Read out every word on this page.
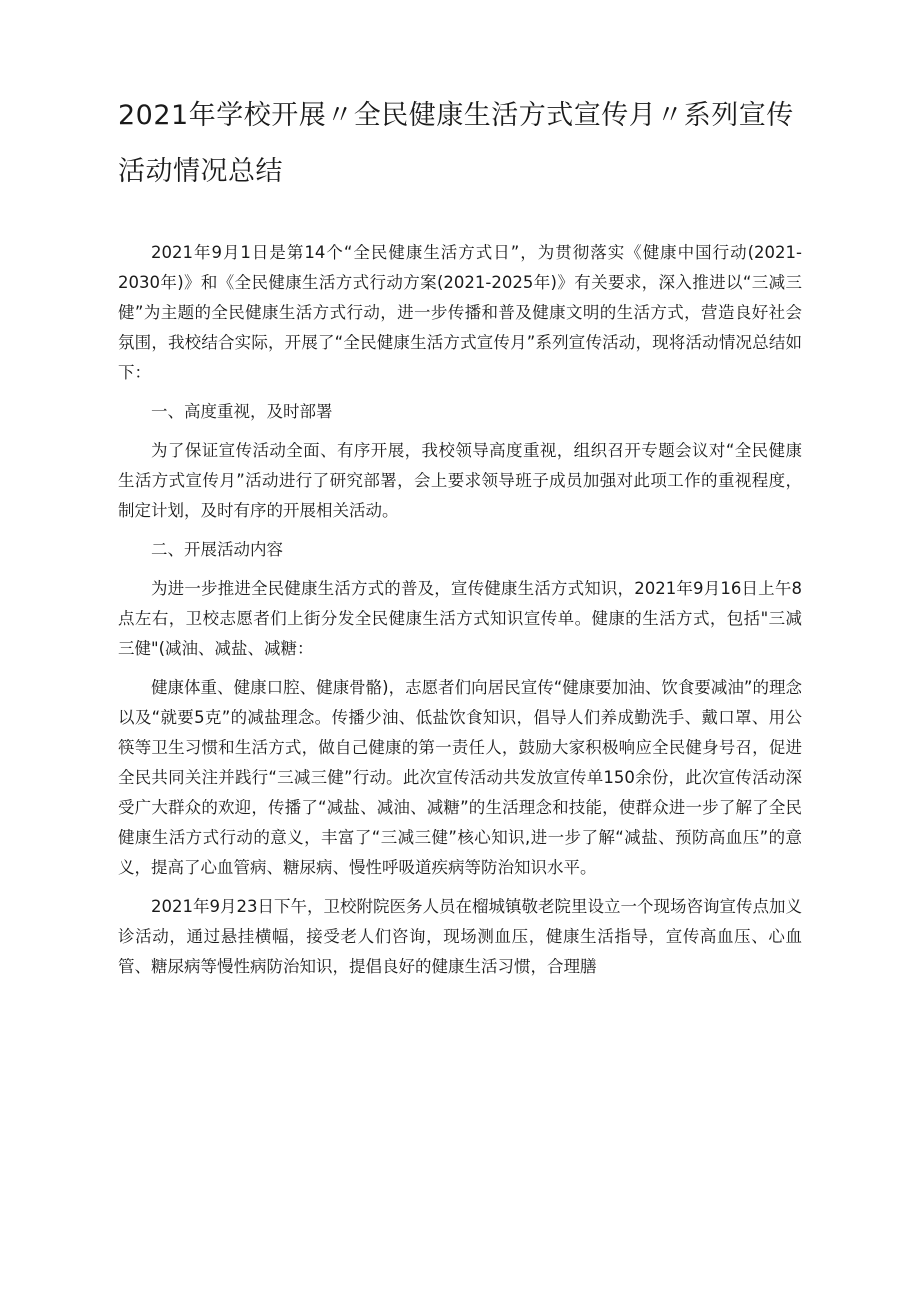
2021年学校开展〃全民健康生活方式宣传月〃系列宣传活动情况总结

2021年9月1日是第14个“全民健康生活方式日”，为贯彻落实《健康中国行动(2021-2030年)》和《全民健康生活方式行动方案(2021-2025年)》有关要求，深入推进以“三减三健”为主题的全民健康生活方式行动，进一步传播和普及健康文明的生活方式，营造良好社会氛围，我校结合实际，开展了“全民健康生活方式宣传月”系列宣传活动，现将活动情况总结如下：

一、高度重视，及时部署

为了保证宣传活动全面、有序开展，我校领导高度重视，组织召开专题会议对“全民健康生活方式宣传月”活动进行了研究部署，会上要求领导班子成员加强对此项工作的重视程度，制定计划，及时有序的开展相关活动。

二、开展活动内容

为进一步推进全民健康生活方式的普及，宣传健康生活方式知识，2021年9月16日上午8点左右，卫校志愿者们上街分发全民健康生活方式知识宣传单。健康的生活方式，包括"三减三健"(减油、减盐、减糖：

健康体重、健康口腔、健康骨骼)，志愿者们向居民宣传“健康要加油、饮食要减油”的理念以及“就要5克”的减盐理念。传播少油、低盐饮食知识，倡导人们养成勤洗手、戴口罩、用公筷等卫生习惯和生活方式，做自己健康的第一责任人，鼓励大家积极响应全民健身号召，促进全民共同关注并践行“三减三健”行动。此次宣传活动共发放宣传单150余份，此次宣传活动深受广大群众的欢迎，传播了“减盐、减油、减糖”的生活理念和技能，使群众进一步了解了全民健康生活方式行动的意义，丰富了“三减三健”核心知识,进一步了解“减盐、预防高血压”的意义，提高了心血管病、糖尿病、慢性呼吸道疾病等防治知识水平。

2021年9月23日下午，卫校附院医务人员在榴城镇敬老院里设立一个现场咨询宣传点加义诊活动，通过悬挂横幅，接受老人们咨询，现场测血压，健康生活指导，宣传高血压、心血管、糖尿病等慢性病防治知识，提倡良好的健康生活习惯，合理膳
